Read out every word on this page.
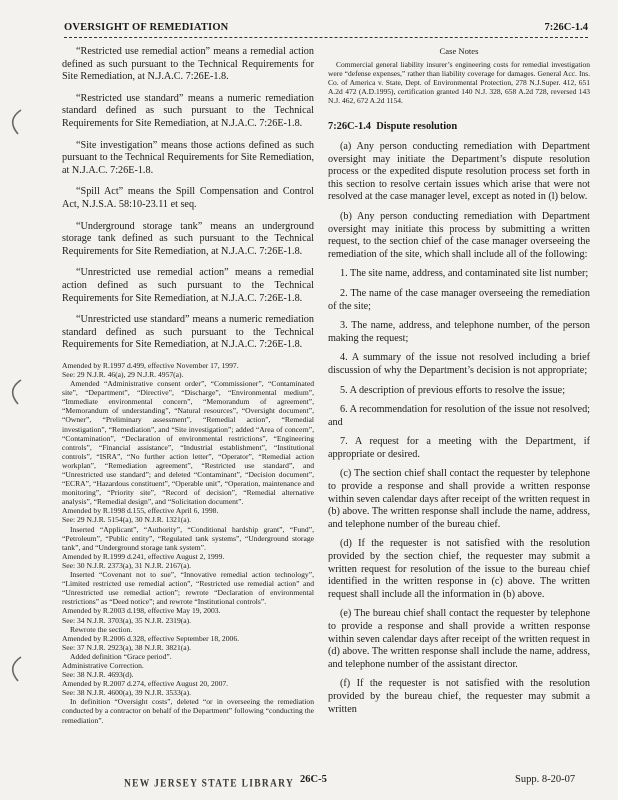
OVERSIGHT OF REMEDIATION	7:26C-1.4

“Restricted use remedial action” means a remedial action defined as such pursuant to the Technical Requirements for Site Remediation, at N.J.A.C. 7:26E-1.8.

“Restricted use standard” means a numeric remediation standard defined as such pursuant to the Technical Requirements for Site Remediation, at N.J.A.C. 7:26E-1.8.

“Site investigation” means those actions defined as such pursuant to the Technical Requirements for Site Remediation, at N.J.A.C. 7:26E-1.8.

“Spill Act” means the Spill Compensation and Control Act, N.J.S.A. 58:10-23.11 et seq.

“Underground storage tank” means an underground storage tank defined as such pursuant to the Technical Requirements for Site Remediation, at N.J.A.C. 7:26E-1.8.

“Unrestricted use remedial action” means a remedial action defined as such pursuant to the Technical Requirements for Site Remediation, at N.J.A.C. 7:26E-1.8.

“Unrestricted use standard” means a numeric remediation standard defined as such pursuant to the Technical Requirements for Site Remediation, at N.J.A.C. 7:26E-1.8.

Amended by R.1997 d.499, effective November 17, 1997.
See: 29 N.J.R. 46(a), 29 N.J.R. 4957(a).
Amended “Administrative consent order”, “Commissioner”, “Contaminated site”, “Department”, “Directive”, “Discharge”, “Environmental medium”, “Immediate environmental concern”, “Memorandum of agreement”, “Memorandum of understanding”, “Natural resources”, “Oversight document”, “Owner”, “Preliminary assessment”, “Remedial action”, “Remedial investigation”, “Remediation”, and “Site investigation”; added “Area of concern”, “Contamination”, “Declaration of environmental restrictions”, “Engineering controls”, “Financial assistance”, “Industrial establishment”, “Institutional controls”, “ISRA”, “No further action letter”, “Operator”, “Remedial action workplan”, “Remediation agreement”, “Restricted use standard”, and “Unrestricted use standard”; and deleted “Contaminant”, “Decision document”, “ECRA”, “Hazardous constituent”, “Operable unit”, “Operation, maintenance and monitoring”, “Priority site”, “Record of decision”, “Remedial alternative analysis”, “Remedial design”, and “Solicitation document”.
Amended by R.1998 d.155, effective April 6, 1998.
See: 29 N.J.R. 5154(a), 30 N.J.R. 1321(a).
Inserted “Applicant”, “Authority”, “Conditional hardship grant”, “Fund”, “Petroleum”, “Public entity”, “Regulated tank systems”, “Underground storage tank”, and “Underground storage tank system”.
Amended by R.1999 d.241, effective August 2, 1999.
See: 30 N.J.R. 2373(a), 31 N.J.R. 2167(a).
Inserted “Covenant not to sue”, “Innovative remedial action technology”, “Limited restricted use remedial action”, “Restricted use remedial action” and “Unrestricted use remedial action”; rewrote “Declaration of environmental restrictions” as “Deed notice”; and rewrote “Institutional controls”.
Amended by R.2003 d.198, effective May 19, 2003.
See: 34 N.J.R. 3703(a), 35 N.J.R. 2319(a).
Rewrote the section.
Amended by R.2006 d.328, effective September 18, 2006.
See: 37 N.J.R. 2923(a), 38 N.J.R. 3821(a).
Added definition “Grace period”.
Administrative Correction.
See: 38 N.J.R. 4693(d).
Amended by R.2007 d.274, effective August 20, 2007.
See: 38 N.J.R. 4600(a), 39 N.J.R. 3533(a).
In definition “Oversight costs”, deleted “or in overseeing the remediation conducted by a contractor on behalf of the Department” following “conducting the remediation”.
Case Notes

Commercial general liability insurer’s engineering costs for remedial investigation were “defense expenses,” rather than liability coverage for damages. General Acc. Ins. Co. of America v. State, Dept. of Environmental Protection, 278 N.J.Super. 412, 651 A.2d 472 (A.D.1995), certification granted 140 N.J. 328, 658 A.2d 728, reversed 143 N.J. 462, 672 A.2d 1154.

7:26C-1.4 Dispute resolution

(a) Any person conducting remediation with Department oversight may initiate the Department’s dispute resolution process or the expedited dispute resolution process set forth in this section to resolve certain issues which arise that were not resolved at the case manager level, except as noted in (l) below.

(b) Any person conducting remediation with Department oversight may initiate this process by submitting a written request, to the section chief of the case manager overseeing the remediation of the site, which shall include all of the following:

1. The site name, address, and contaminated site list number;

2. The name of the case manager overseeing the remediation of the site;

3. The name, address, and telephone number, of the person making the request;

4. A summary of the issue not resolved including a brief discussion of why the Department’s decision is not appropriate;

5. A description of previous efforts to resolve the issue;

6. A recommendation for resolution of the issue not resolved; and

7. A request for a meeting with the Department, if appropriate or desired.

(c) The section chief shall contact the requester by telephone to provide a response and shall provide a written response within seven calendar days after receipt of the written request in (b) above. The written response shall include the name, address, and telephone number of the bureau chief.

(d) If the requester is not satisfied with the resolution provided by the section chief, the requester may submit a written request for resolution of the issue to the bureau chief identified in the written response in (c) above. The written request shall include all the information in (b) above.

(e) The bureau chief shall contact the requester by telephone to provide a response and shall provide a written response within seven calendar days after receipt of the written request in (d) above. The written response shall include the name, address, and telephone number of the assistant director.

(f) If the requester is not satisfied with the resolution provided by the bureau chief, the requester may submit a written

NEW JERSEY STATE LIBRARY 26C-5	Supp. 8-20-07
